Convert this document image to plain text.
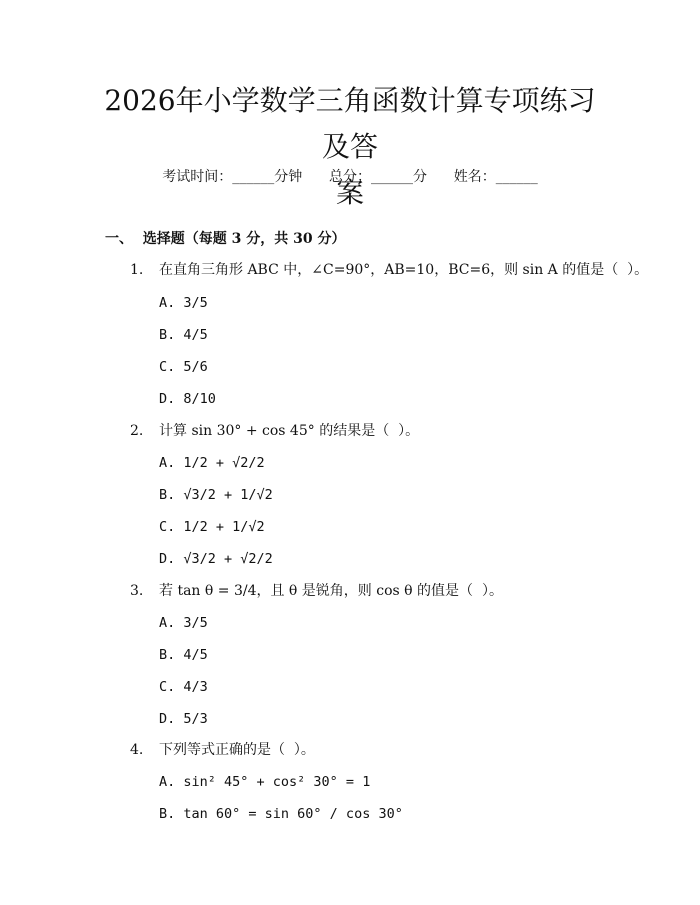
2026年小学数学三角函数计算专项练习及答
案
考试时间：______分钟      总分：______分      姓名：______
一、  选择题（每题 3 分，共 30 分）
1. 在直角三角形 ABC 中，∠C=90°，AB=10，BC=6，则 sin A 的值是（  ）。
A. 3/5
B. 4/5
C. 5/6
D. 8/10
2. 计算 sin 30° + cos 45° 的结果是（  ）。
A. 1/2 + √2/2
B. √3/2 + 1/√2
C. 1/2 + 1/√2
D. √3/2 + √2/2
3. 若 tan θ = 3/4，且 θ 是锐角，则 cos θ 的值是（  ）。
A. 3/5
B. 4/5
C. 4/3
D. 5/3
4. 下列等式正确的是（  ）。
A. sin² 45° + cos² 30° = 1
B. tan 60° = sin 60° / cos 30°
